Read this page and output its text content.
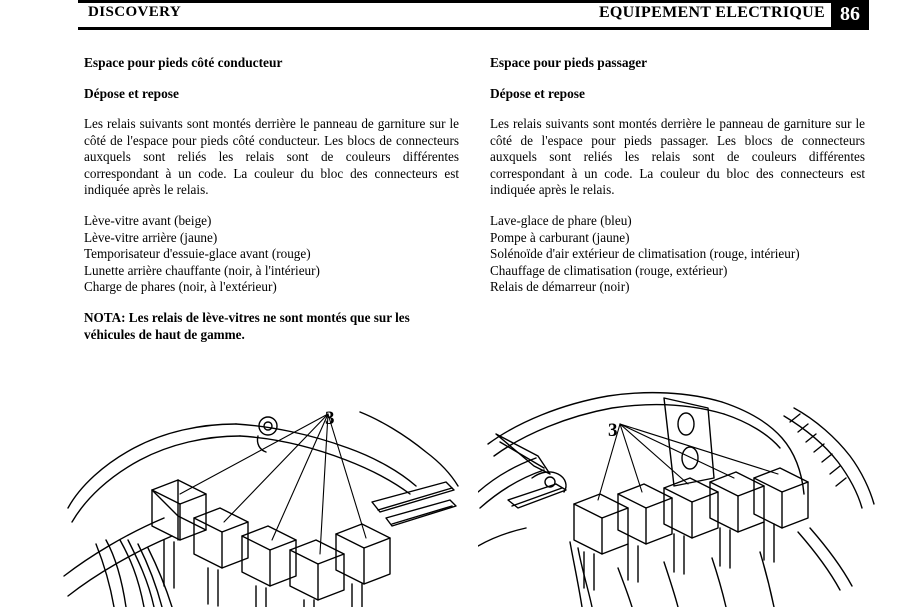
DISCOVERY	EQUIPEMENT ELECTRIQUE 86
Espace pour pieds côté conducteur
Dépose et repose

Les relais suivants sont montés derrière le panneau de garniture sur le côté de l'espace pour pieds côté conducteur. Les blocs de connecteurs auxquels sont reliés les relais sont de couleurs différentes correspondant à un code. La couleur du bloc des connecteurs est indiquée après le relais.

Lève-vitre avant (beige)
Lève-vitre arrière (jaune)
Temporisateur d'essuie-glace avant (rouge)
Lunette arrière chauffante (noir, à l'intérieur)
Charge de phares (noir, à l'extérieur)

NOTA: Les relais de lève-vitres ne sont montés que sur les véhicules de haut de gamme.

Espace pour pieds passager
Dépose et repose

Les relais suivants sont montés derrière le panneau de garniture sur le côté de l'espace pour pieds passager. Les blocs de connecteurs auxquels sont reliés les relais sont de couleurs différentes correspondant à un code. La couleur du bloc des connecteurs est indiquée après le relais.

Lave-glace de phare (bleu)
Pompe à carburant (jaune)
Solénoïde d'air extérieur de climatisation (rouge, intérieur)
Chauffage de climatisation (rouge, extérieur)
Relais de démarreur (noir)
3
3
